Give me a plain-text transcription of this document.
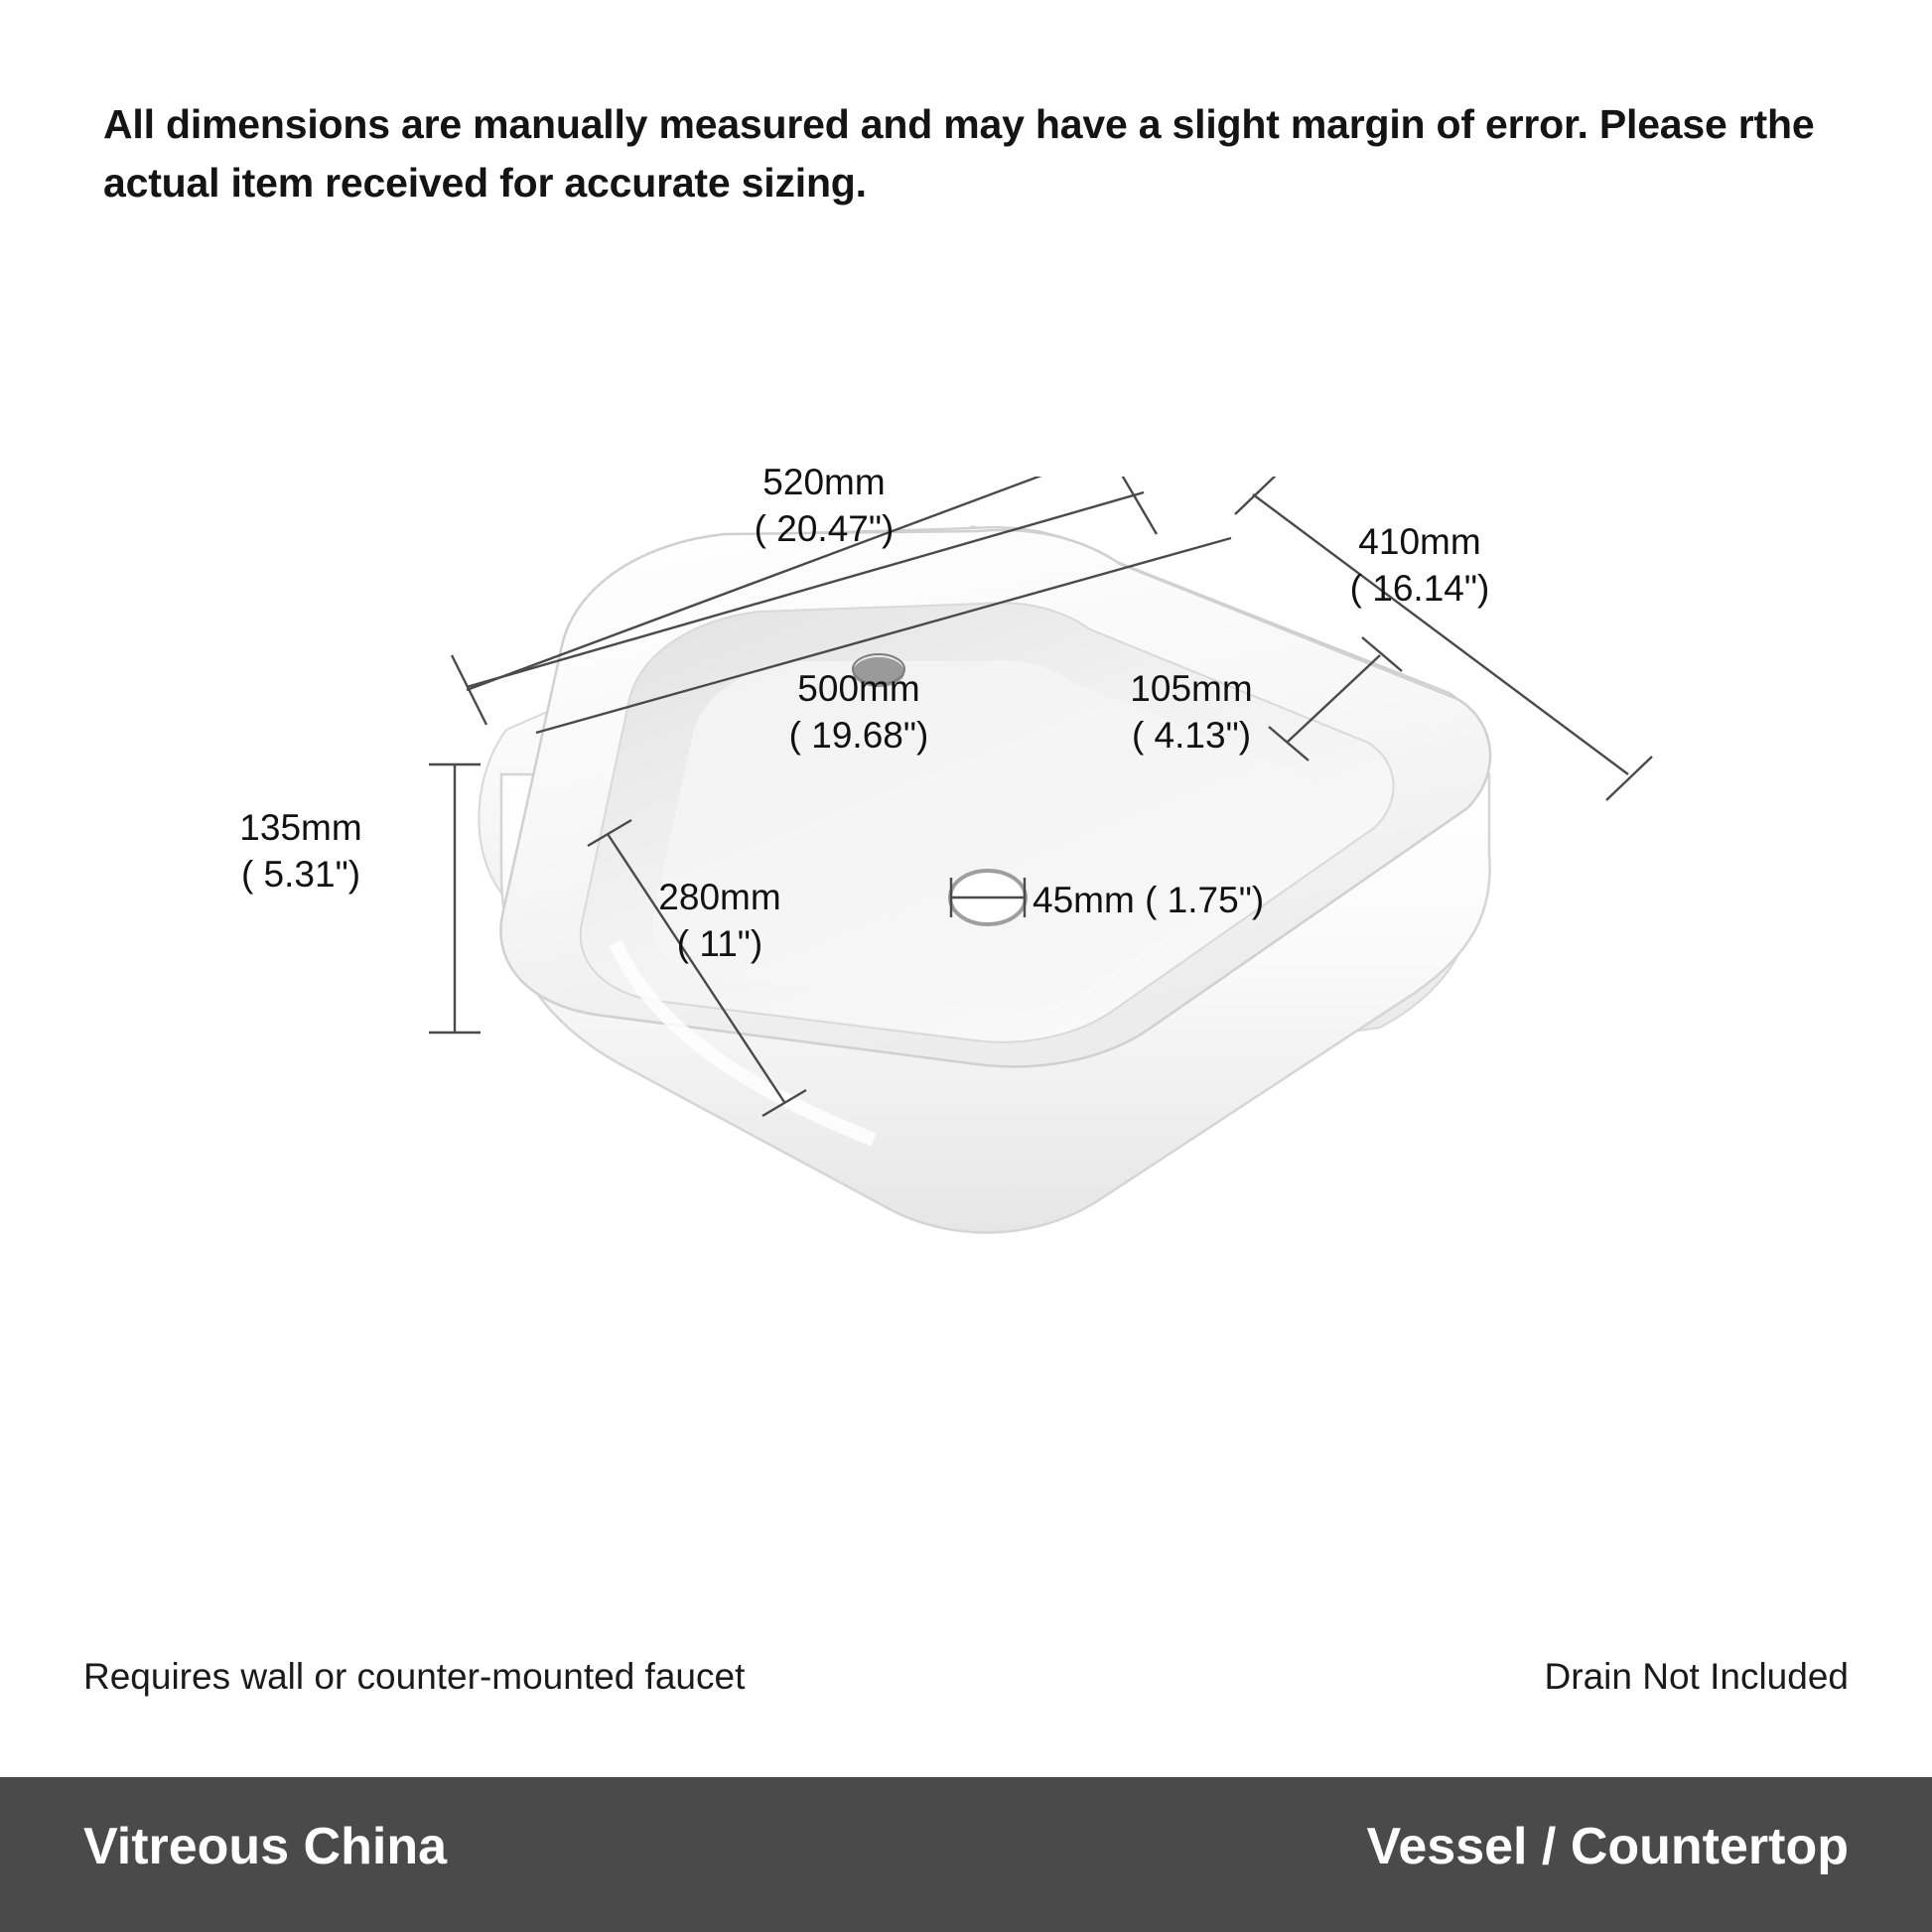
All dimensions are manually measured and may have a slight margin of error. Please rthe actual item received for accurate sizing.
520mm
( 20.47")	410mm
( 16.14")
500mm
( 19.68")
105mm
( 4.13")
135mm
( 5.31")
280mm
( 11")
45mm ( 1.75")
Requires wall or counter-mounted faucet	Drain Not Included
Vitreous China	Vessel / Countertop
